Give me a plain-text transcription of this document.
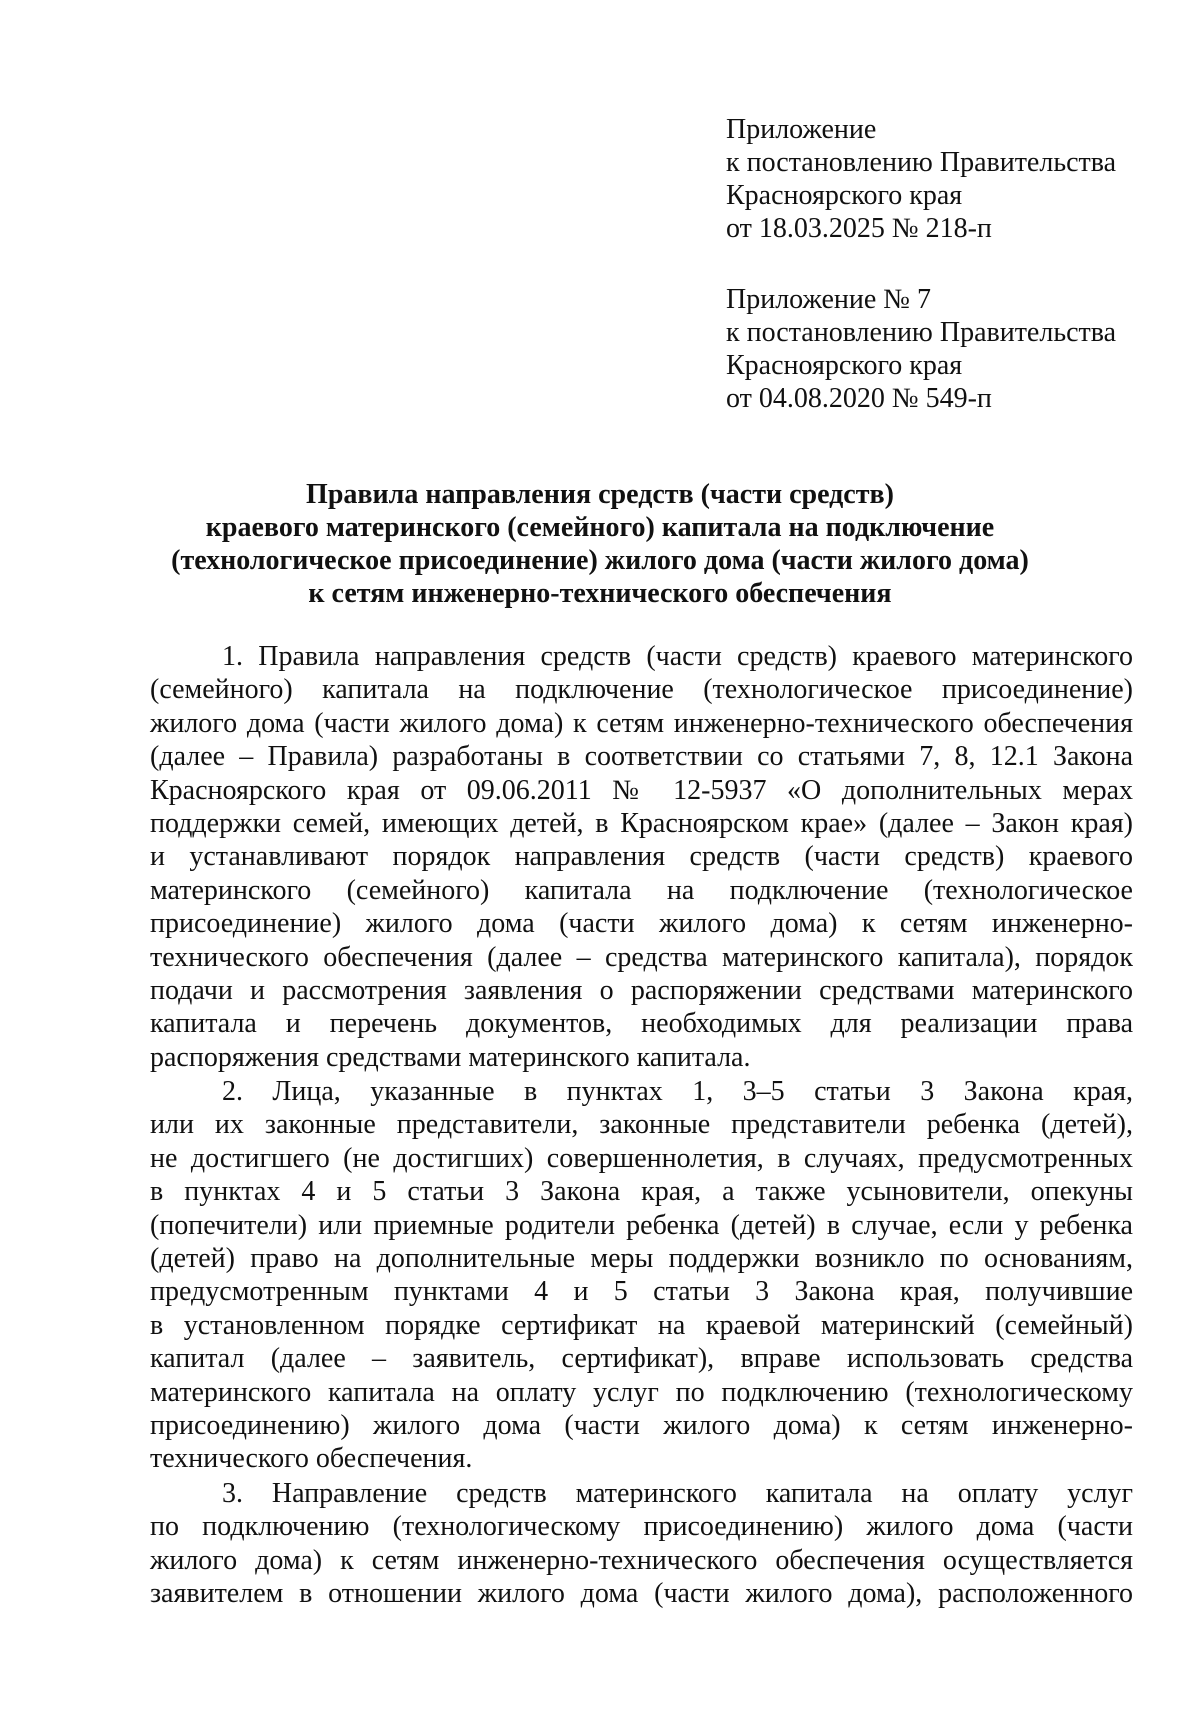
Приложение
к постановлению Правительства
Красноярского края
от 18.03.2025 № 218-п
Приложение № 7
к постановлению Правительства
Красноярского края
от 04.08.2020 № 549-п
Правила направления средств (части средств)
краевого материнского (семейного) капитала на подключение
(технологическое присоединение) жилого дома (части жилого дома)
к сетям инженерно-технического обеспечения
1. Правила направления средств (части средств) краевого материнского
(семейного) капитала на подключение (технологическое присоединение)
жилого дома (части жилого дома) к сетям инженерно-технического обеспечения
(далее – Правила) разработаны в соответствии со статьями 7, 8, 12.1 Закона
Красноярского края от 09.06.2011 № 12-5937 «О дополнительных мерах
поддержки семей, имеющих детей, в Красноярском крае» (далее – Закон края)
и устанавливают порядок направления средств (части средств) краевого
материнского (семейного) капитала на подключение (технологическое
присоединение) жилого дома (части жилого дома) к сетям инженерно-
технического обеспечения (далее – средства материнского капитала), порядок
подачи и рассмотрения заявления о распоряжении средствами материнского
капитала и перечень документов, необходимых для реализации права
распоряжения средствами материнского капитала.
2. Лица, указанные в пунктах 1, 3–5 статьи 3 Закона края,
или их законные представители, законные представители ребенка (детей),
не достигшего (не достигших) совершеннолетия, в случаях, предусмотренных
в пунктах 4 и 5 статьи 3 Закона края, а также усыновители, опекуны
(попечители) или приемные родители ребенка (детей) в случае, если у ребенка
(детей) право на дополнительные меры поддержки возникло по основаниям,
предусмотренным пунктами 4 и 5 статьи 3 Закона края, получившие
в установленном порядке сертификат на краевой материнский (семейный)
капитал (далее – заявитель, сертификат), вправе использовать средства
материнского капитала на оплату услуг по подключению (технологическому
присоединению) жилого дома (части жилого дома) к сетям инженерно-
технического обеспечения.
3. Направление средств материнского капитала на оплату услуг
по подключению (технологическому присоединению) жилого дома (части
жилого дома) к сетям инженерно-технического обеспечения осуществляется
заявителем в отношении жилого дома (части жилого дома), расположенного
